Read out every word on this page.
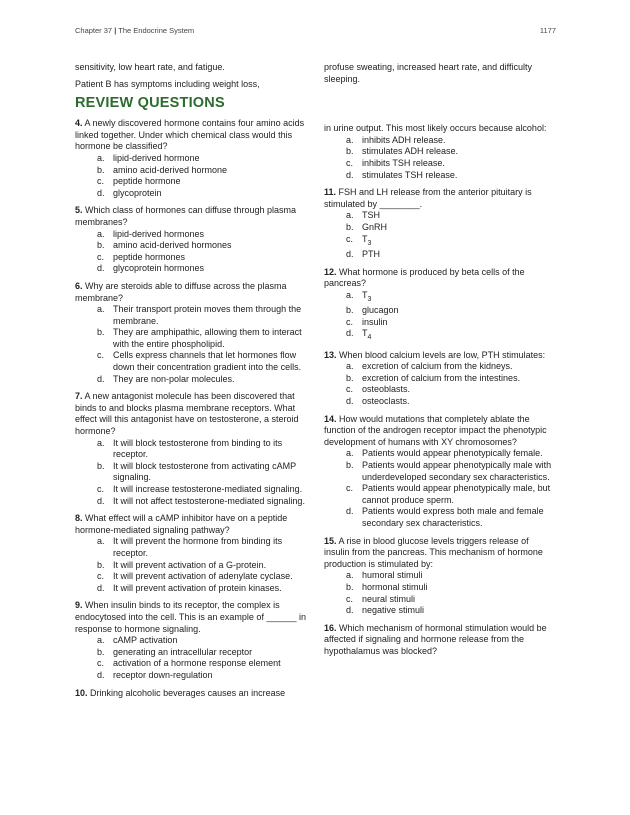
Chapter 37 | The Endocrine System	1177

sensitivity, low heart rate, and fatigue.

Patient B has symptoms including weight loss,

REVIEW QUESTIONS

4. A newly discovered hormone contains four amino acids linked together. Under which chemical class would this hormone be classified?

a. lipid-derived hormone
b. amino acid-derived hormone
c. peptide hormone
d. glycoprotein

5. Which class of hormones can diffuse through plasma membranes?

a. lipid-derived hormones
b. amino acid-derived hormones
c. peptide hormones
d. glycoprotein hormones

6. Why are steroids able to diffuse across the plasma membrane?

a. Their transport protein moves them through the membrane.
b. They are amphipathic, allowing them to interact with the entire phospholipid.
c. Cells express channels that let hormones flow down their concentration gradient into the cells.
d. They are non-polar molecules.

7. A new antagonist molecule has been discovered that binds to and blocks plasma membrane receptors. What effect will this antagonist have on testosterone, a steroid hormone?

a. It will block testosterone from binding to its receptor.
b. It will block testosterone from activating cAMP signaling.
c. It will increase testosterone-mediated signaling.
d. It will not affect testosterone-mediated signaling.

8. What effect will a cAMP inhibitor have on a peptide hormone-mediated signaling pathway?

a. It will prevent the hormone from binding its receptor.
b. It will prevent activation of a G-protein.
c. It will prevent activation of adenylate cyclase.
d. It will prevent activation of protein kinases.

9. When insulin binds to its receptor, the complex is endocytosed into the cell. This is an example of ______ in response to hormone signaling.

a. cAMP activation
b. generating an intracellular receptor
c. activation of a hormone response element
d. receptor down-regulation

10. Drinking alcoholic beverages causes an increase

profuse sweating, increased heart rate, and difficulty sleeping.

in urine output. This most likely occurs because alcohol:

a. inhibits ADH release.
b. stimulates ADH release.
c. inhibits TSH release.
d. stimulates TSH release.

11. FSH and LH release from the anterior pituitary is stimulated by ________.

a. TSH
b. GnRH
c. $T_3$
d. PTH

12. What hormone is produced by beta cells of the pancreas?

a. $T_3$
b. glucagon
c. insulin
d. $T_4$

13. When blood calcium levels are low, PTH stimulates:

a. excretion of calcium from the kidneys.
b. excretion of calcium from the intestines.
c. osteoblasts.
d. osteoclasts.

14. How would mutations that completely ablate the function of the androgen receptor impact the phenotypic development of humans with XY chromosomes?

a. Patients would appear phenotypically female.
b. Patients would appear phenotypically male with underdeveloped secondary sex characteristics.
c. Patients would appear phenotypically male, but cannot produce sperm.
d. Patients would express both male and female secondary sex characteristics.

15. A rise in blood glucose levels triggers release of insulin from the pancreas. This mechanism of hormone production is stimulated by:

a. humoral stimuli
b. hormonal stimuli
c. neural stimuli
d. negative stimuli

16. Which mechanism of hormonal stimulation would be affected if signaling and hormone release from the hypothalamus was blocked?
